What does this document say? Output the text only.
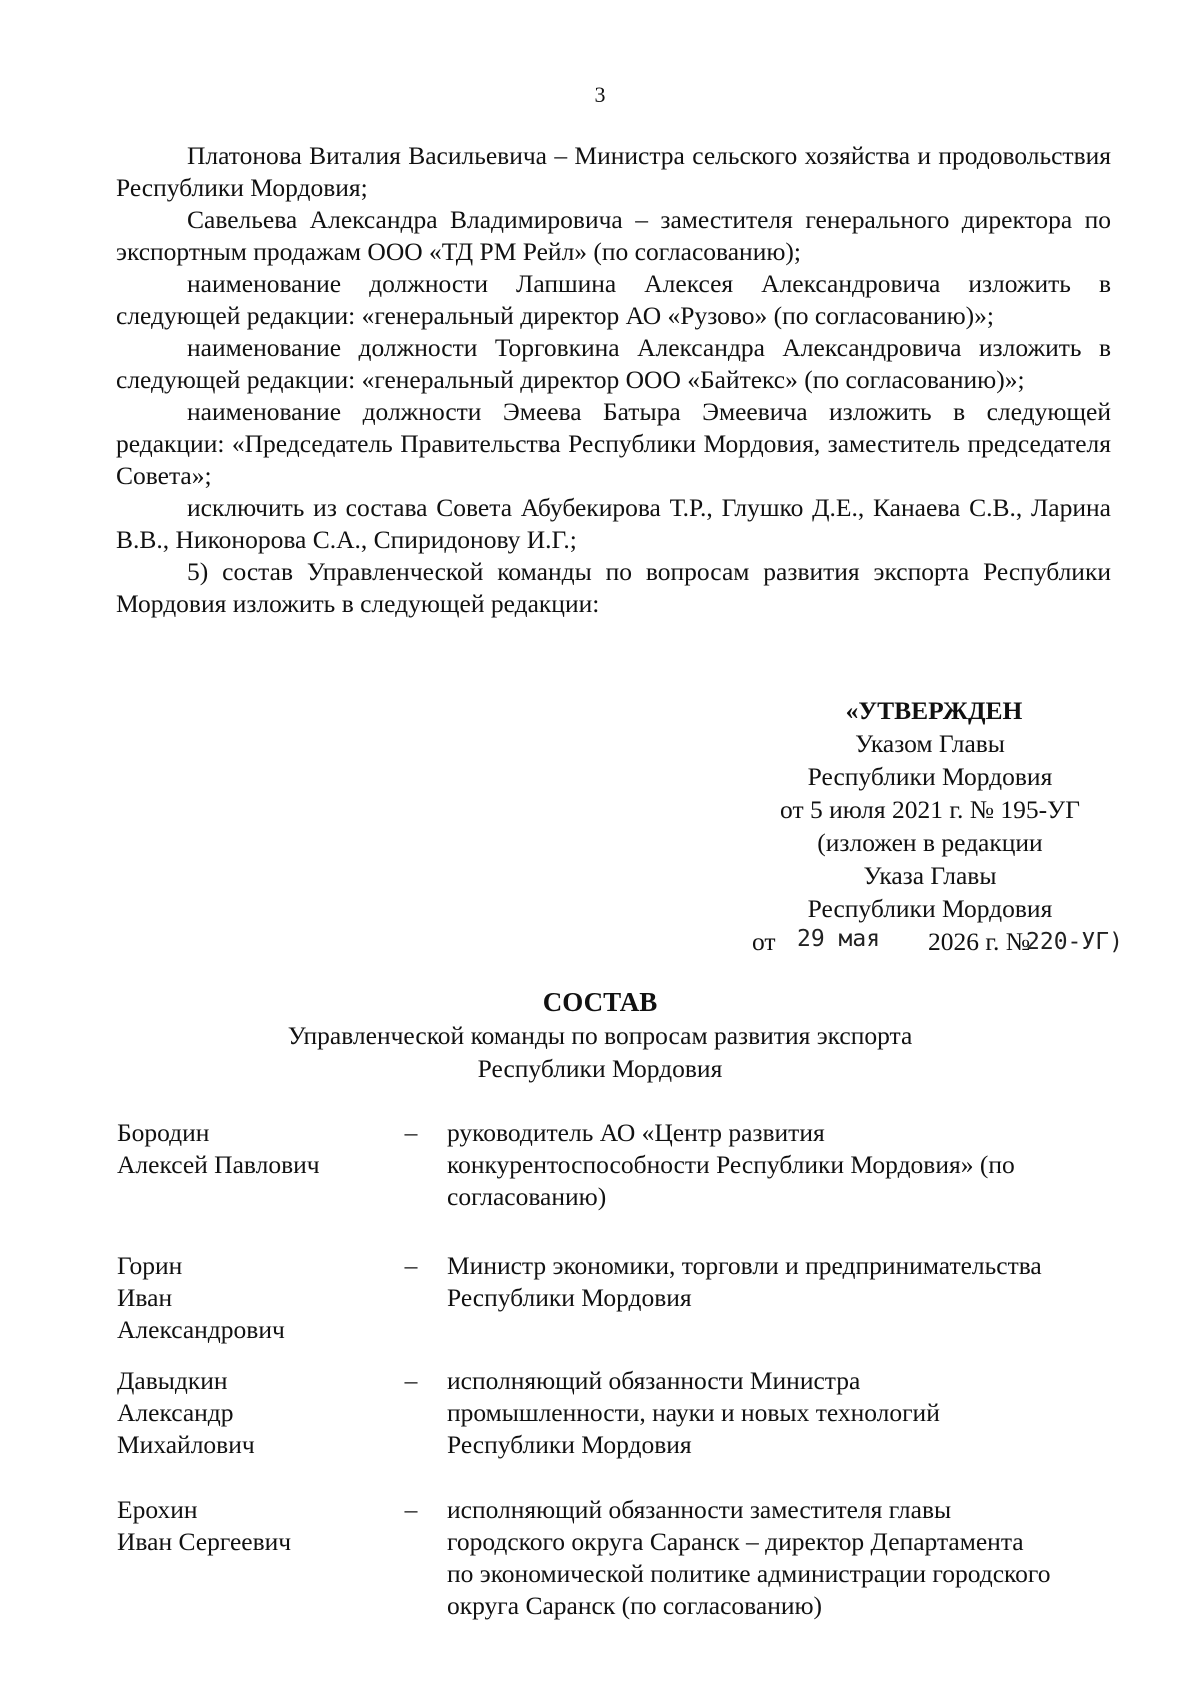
3

Платонова Виталия Васильевича – Министра сельского хозяйства и продовольствия Республики Мордовия;

Савельева Александра Владимировича – заместителя генерального директора по экспортным продажам ООО «ТД РМ Рейл» (по согласованию);

наименование должности Лапшина Алексея Александровича изложить в следующей редакции: «генеральный директор АО «Рузово» (по согласованию)»;

наименование должности Торговкина Александра Александровича изложить в следующей редакции: «генеральный директор ООО «Байтекс» (по согласованию)»;

наименование должности Эмеева Батыра Эмеевича изложить в следующей редакции: «Председатель Правительства Республики Мордовия, заместитель председателя Совета»;

исключить из состава Совета Абубекирова Т.Р., Глушко Д.Е., Канаева С.В., Ларина В.В., Никонорова С.А., Спиридонову И.Г.;

5) состав Управленческой команды по вопросам развития экспорта Республики Мордовия изложить в следующей редакции:

«УТВЕРЖДЕН
Указом Главы
Республики Мордовия
от 5 июля 2021 г. № 195-УГ
(изложен в редакции
Указа Главы
Республики Мордовия
от 29 мая 2026 г. №
220-УГ)
СОСТАВ
Управленческой команды по вопросам развития экспорта
Республики Мордовия
Бородин
Алексей Павлович
– руководитель АО «Центр развития
конкурентоспособности Республики Мордовия» (по
согласованию)
Горин
Иван
Александрович
– Министр экономики, торговли и предпринимательства
Республики Мордовия
Давыдкин
Александр
Михайлович
– исполняющий обязанности Министра
промышленности, науки и новых технологий
Республики Мордовия
Ерохин
Иван Сергеевич
– исполняющий обязанности заместителя главы
городского округа Саранск – директор Департамента
по экономической политике администрации городского
округа Саранск (по согласованию)
